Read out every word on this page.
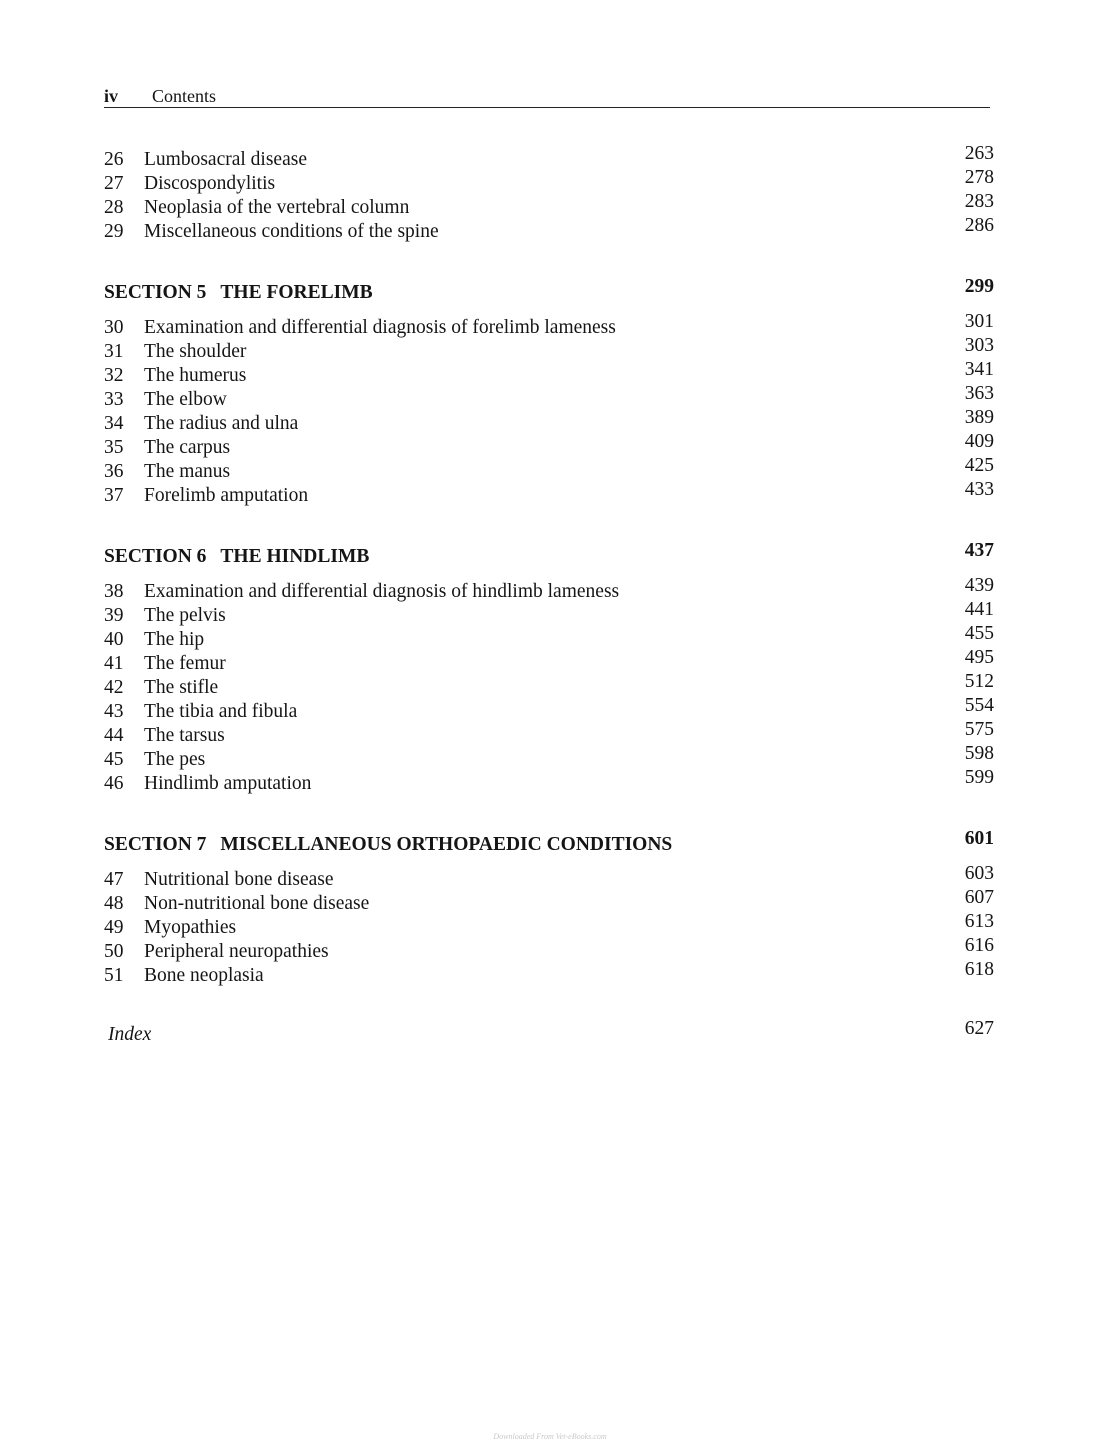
iv Contents
26	Lumbosacral disease	263
27	Discospondylitis	278
28	Neoplasia of the vertebral column	283
29	Miscellaneous conditions of the spine	286
SECTION 5 THE FORELIMB	299
30	Examination and differential diagnosis of forelimb lameness	301
31	The shoulder	303
32	The humerus	341
33	The elbow	363
34	The radius and ulna	389
35	The carpus	409
36	The manus	425
37	Forelimb amputation	433
SECTION 6 THE HINDLIMB	437
38	Examination and differential diagnosis of hindlimb lameness	439
39	The pelvis	441
40	The hip	455
41	The femur	495
42	The stifle	512
43	The tibia and fibula	554
44	The tarsus	575
45	The pes	598
46	Hindlimb amputation	599
SECTION 7 MISCELLANEOUS ORTHOPAEDIC CONDITIONS	601
47	Nutritional bone disease	603
48	Non-nutritional bone disease	607
49	Myopathies	613
50	Peripheral neuropathies	616
51	Bone neoplasia	618
Index	627
Downloaded From Vet-eBooks.com
